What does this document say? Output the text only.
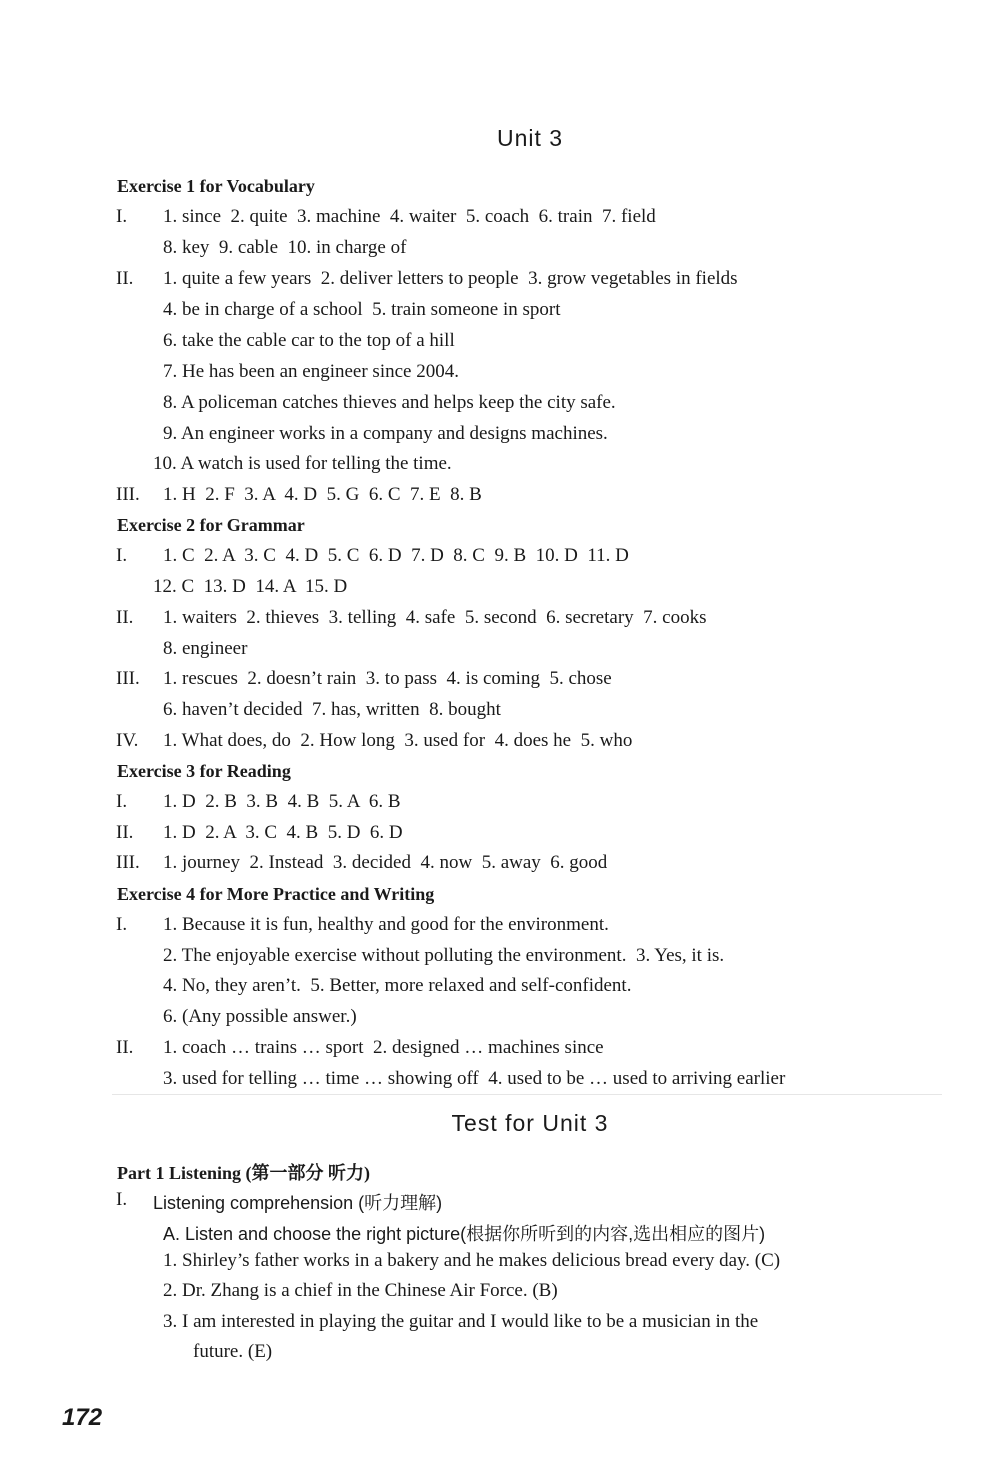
Unit 3
Exercise 1 for Vocabulary
I. 1. since  2. quite  3. machine  4. waiter  5. coach  6. train  7. field
8. key  9. cable  10. in charge of
II. 1. quite a few years  2. deliver letters to people  3. grow vegetables in fields
4. be in charge of a school  5. train someone in sport
6. take the cable car to the top of a hill
7. He has been an engineer since 2004.
8. A policeman catches thieves and helps keep the city safe.
9. An engineer works in a company and designs machines.
10. A watch is used for telling the time.
III. 1. H  2. F  3. A  4. D  5. G  6. C  7. E  8. B
Exercise 2 for Grammar
I. 1. C  2. A  3. C  4. D  5. C  6. D  7. D  8. C  9. B  10. D  11. D
12. C  13. D  14. A  15. D
II. 1. waiters  2. thieves  3. telling  4. safe  5. second  6. secretary  7. cooks
8. engineer
III. 1. rescues  2. doesn’t rain  3. to pass  4. is coming  5. chose
6. haven’t decided  7. has, written  8. bought
IV. 1. What does, do  2. How long  3. used for  4. does he  5. who
Exercise 3 for Reading
I. 1. D  2. B  3. B  4. B  5. A  6. B
II. 1. D  2. A  3. C  4. B  5. D  6. D
III. 1. journey  2. Instead  3. decided  4. now  5. away  6. good
Exercise 4 for More Practice and Writing
I. 1. Because it is fun, healthy and good for the environment.
2. The enjoyable exercise without polluting the environment.  3. Yes, it is.
4. No, they aren’t.  5. Better, more relaxed and self-confident.
6. (Any possible answer.)
II. 1. coach … trains … sport  2. designed … machines since
3. used for telling … time … showing off  4. used to be … used to arriving earlier
Test for Unit 3
Part 1 Listening (第一部分 听力)
I. Listening comprehension (听力理解)
A. Listen and choose the right picture(根据你所听到的内容,选出相应的图片)
1. Shirley’s father works in a bakery and he makes delicious bread every day. (C)
2. Dr. Zhang is a chief in the Chinese Air Force. (B)
3. I am interested in playing the guitar and I would like to be a musician in the
future. (E)
172
